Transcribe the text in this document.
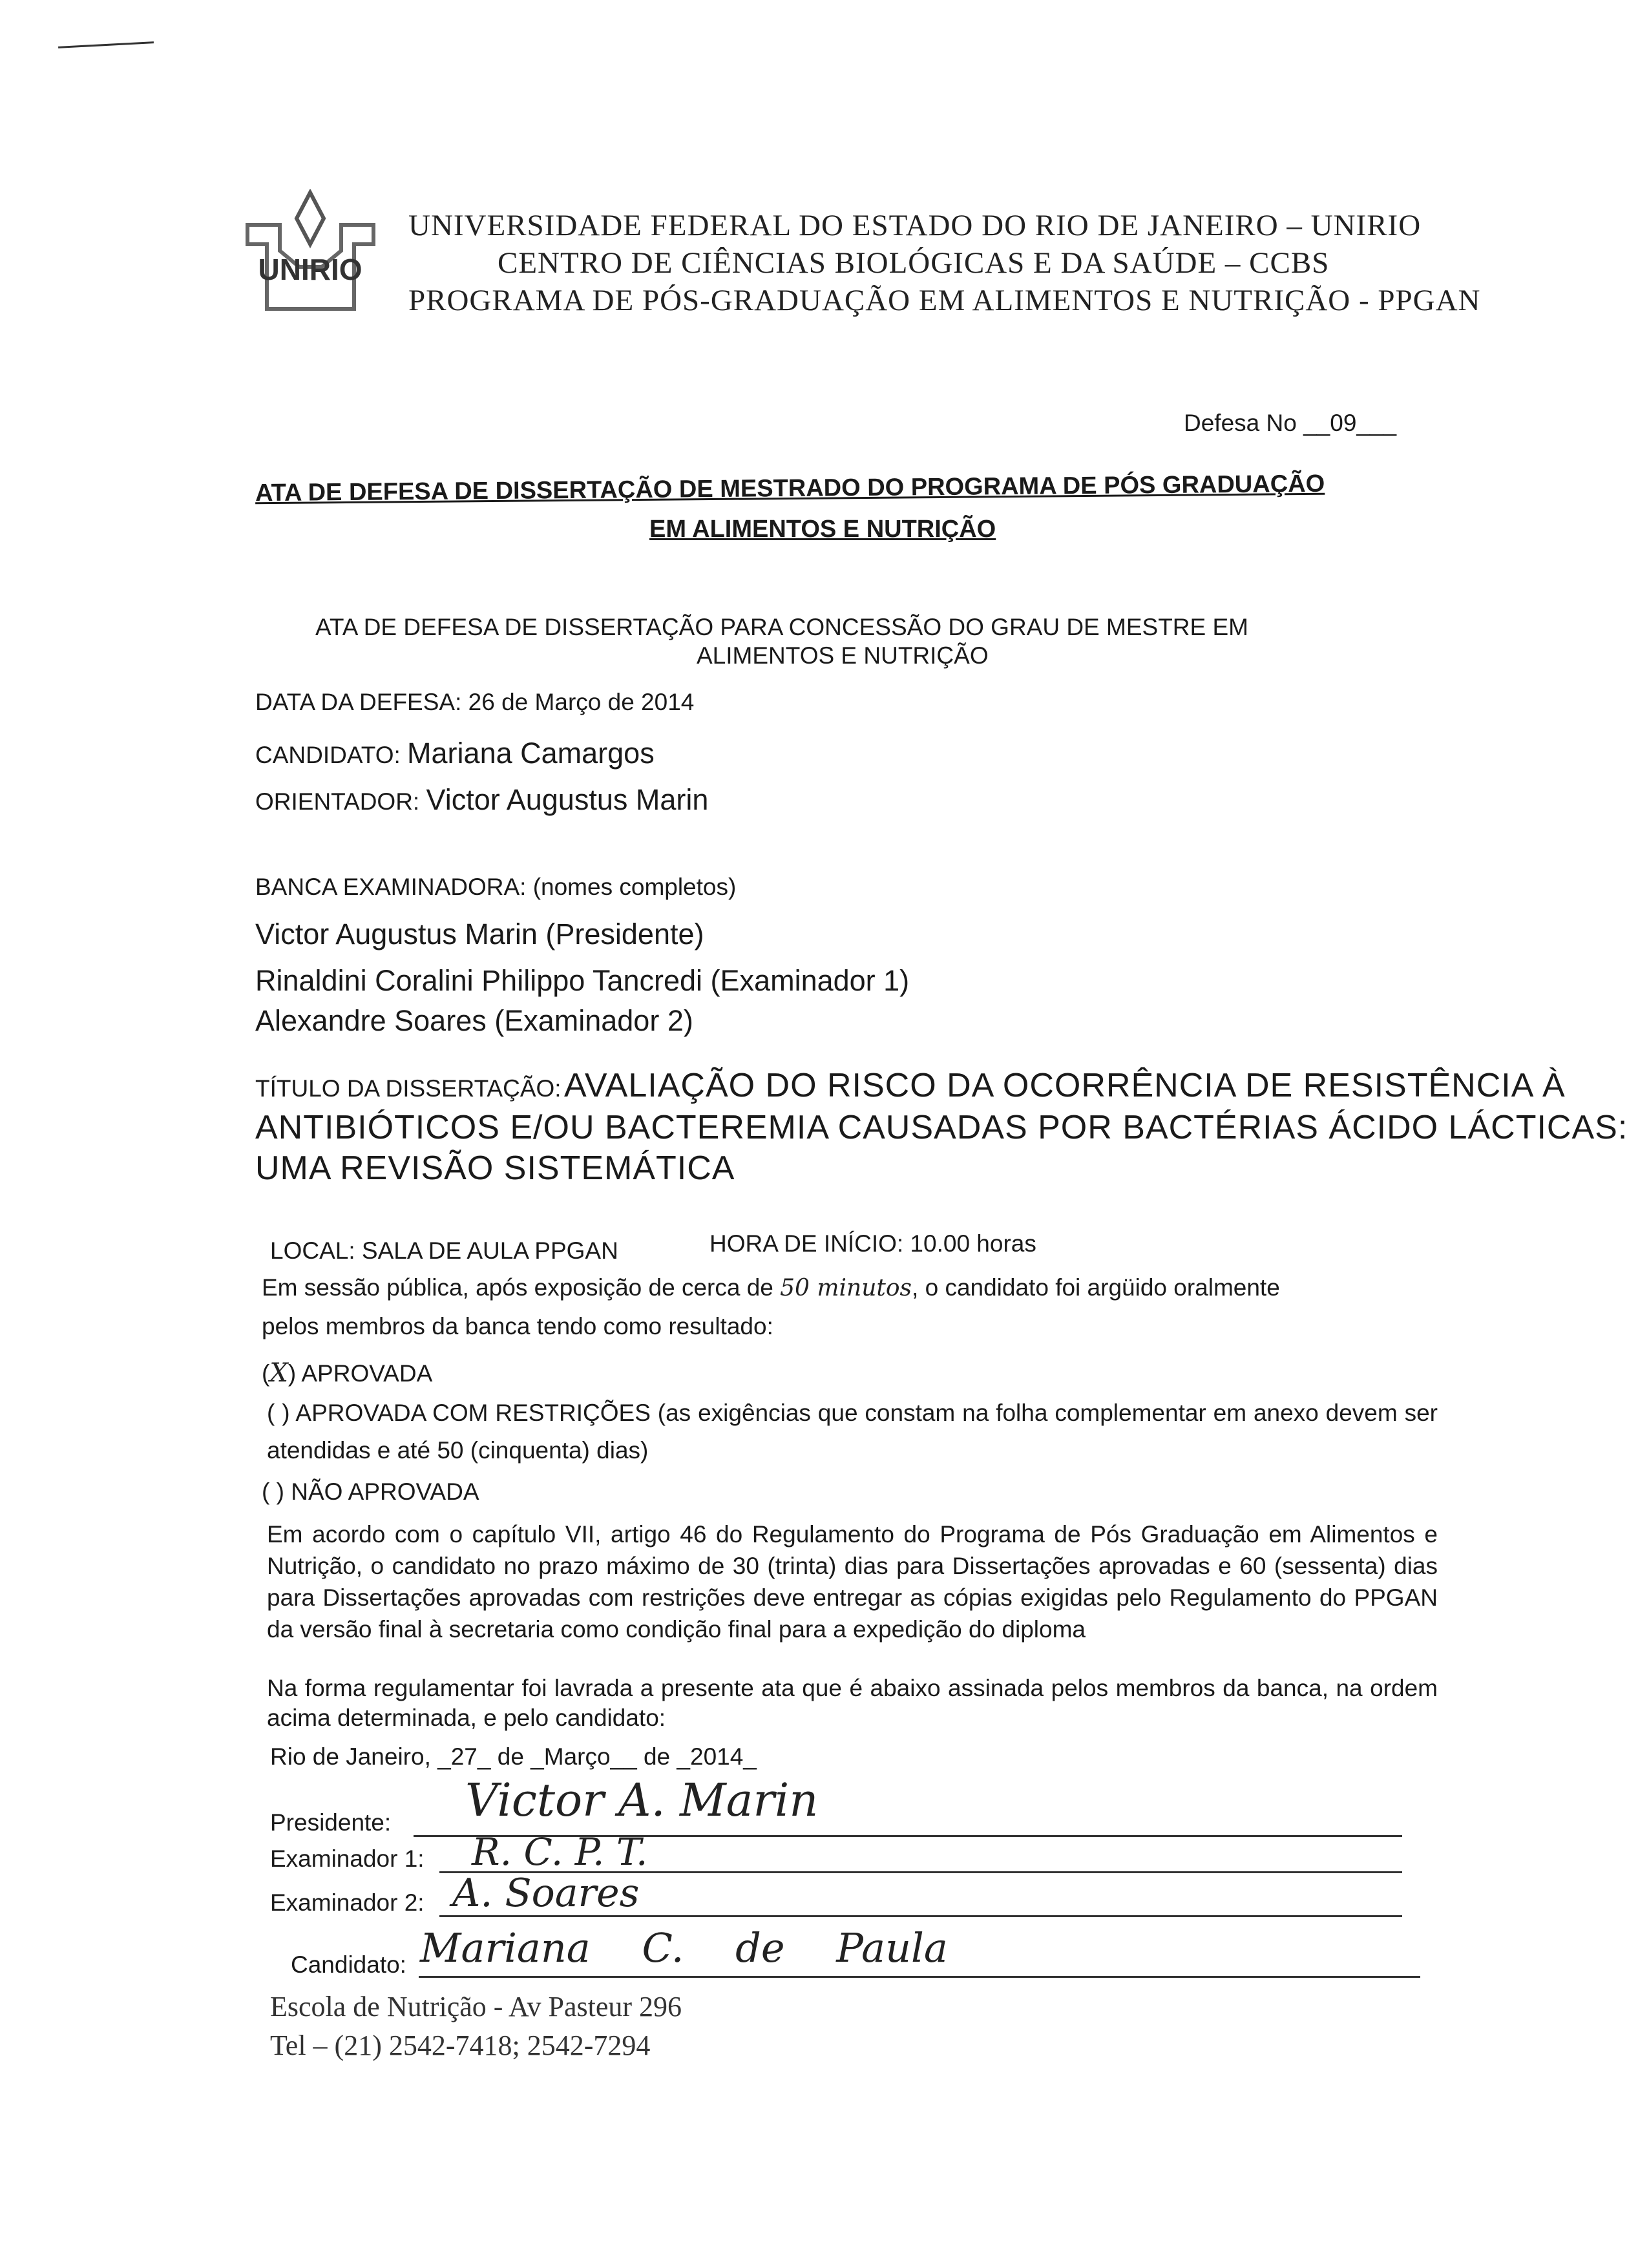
UNIRIO
UNIVERSIDADE FEDERAL DO ESTADO DO RIO DE JANEIRO – UNIRIO
CENTRO DE CIÊNCIAS BIOLÓGICAS E DA SAÚDE – CCBS
PROGRAMA DE PÓS-GRADUAÇÃO EM ALIMENTOS E NUTRIÇÃO - PPGAN
Defesa No __09___
ATA DE DEFESA DE DISSERTAÇÃO DE MESTRADO DO PROGRAMA DE PÓS GRADUAÇÃO
EM ALIMENTOS E NUTRIÇÃO
ATA DE DEFESA DE DISSERTAÇÃO PARA CONCESSÃO DO GRAU DE MESTRE EM
ALIMENTOS E NUTRIÇÃO
DATA DA DEFESA: 26 de Março de 2014
CANDIDATO: Mariana Camargos
ORIENTADOR: Victor Augustus Marin
BANCA EXAMINADORA: (nomes completos)
Victor Augustus Marin (Presidente)
Rinaldini Coralini Philippo Tancredi (Examinador 1)
Alexandre Soares (Examinador 2)
TÍTULO DA DISSERTAÇÃO: AVALIAÇÃO DO RISCO DA OCORRÊNCIA DE RESISTÊNCIA À
ANTIBIÓTICOS E/OU BACTEREMIA CAUSADAS POR BACTÉRIAS ÁCIDO LÁCTICAS:
UMA REVISÃO SISTEMÁTICA
LOCAL: SALA DE AULA PPGAN	HORA DE INÍCIO: 10.00 horas
Em sessão pública, após exposição de cerca de 50 minutos, o candidato foi argüido oralmente
pelos membros da banca tendo como resultado:
(X) APROVADA
( ) APROVADA COM RESTRIÇÕES (as exigências que constam na folha complementar em anexo devem ser atendidas e até 50 (cinquenta) dias)
( ) NÃO APROVADA
Em acordo com o capítulo VII, artigo 46 do Regulamento do Programa de Pós Graduação em Alimentos e Nutrição, o candidato no prazo máximo de 30 (trinta) dias para Dissertações aprovadas e 60 (sessenta) dias para Dissertações aprovadas com restrições deve entregar as cópias exigidas pelo Regulamento do PPGAN da versão final à secretaria como condição final para a expedição do diploma
Na forma regulamentar foi lavrada a presente ata que é abaixo assinada pelos membros da banca, na ordem acima determinada, e pelo candidato:
Rio de Janeiro, _27_ de _Março__ de _2014_
Presidente: Victor A. Marin
Examinador 1: R. C. P. T.
Examinador 2: A. Soares
Candidato: Mariana C. de Paula
Escola de Nutrição - Av Pasteur 296
Tel – (21) 2542-7418; 2542-7294
